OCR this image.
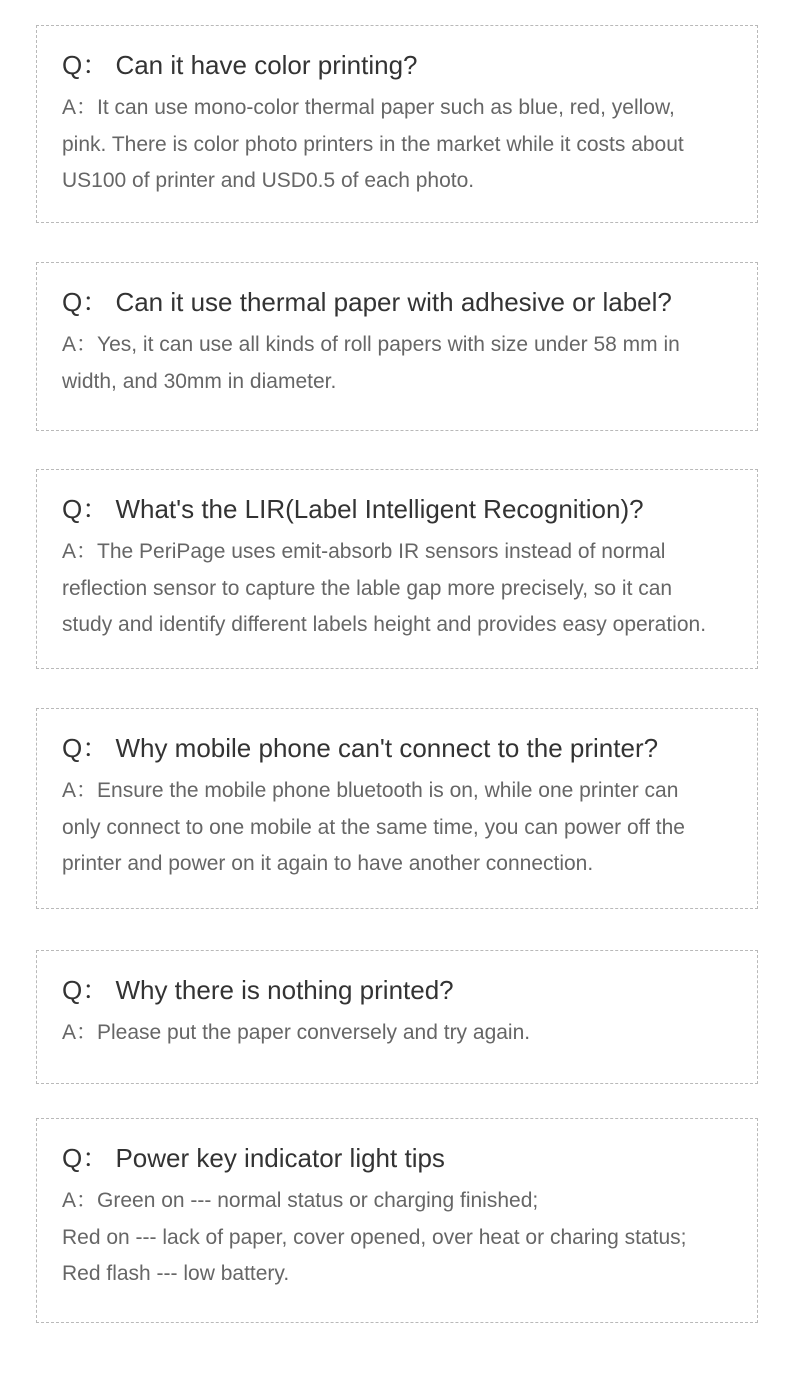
Q： Can it have color printing?

A：It can use mono-color thermal paper such as blue, red, yellow,
pink. There is color photo printers in the market while it costs about
US100 of printer and USD0.5 of each photo.

Q： Can it use thermal paper with adhesive or label?

A：Yes, it can use all kinds of roll papers with size under 58 mm in
width, and 30mm in diameter.

Q： What's the LIR(Label Intelligent Recognition)?

A：The PeriPage uses emit-absorb IR sensors instead of normal
reflection sensor to capture the lable gap more precisely, so it can
study and identify different labels height and provides easy operation.

Q： Why mobile phone can't connect to the printer?

A：Ensure the mobile phone bluetooth is on, while one printer can
only connect to one mobile at the same time, you can power off the
printer and power on it again to have another connection.

Q： Why there is nothing printed?

A：Please put the paper conversely and try again.

Q： Power key indicator light tips

A：Green on --- normal status or charging finished;
Red on --- lack of paper, cover opened, over heat or charing status;
Red flash --- low battery.
